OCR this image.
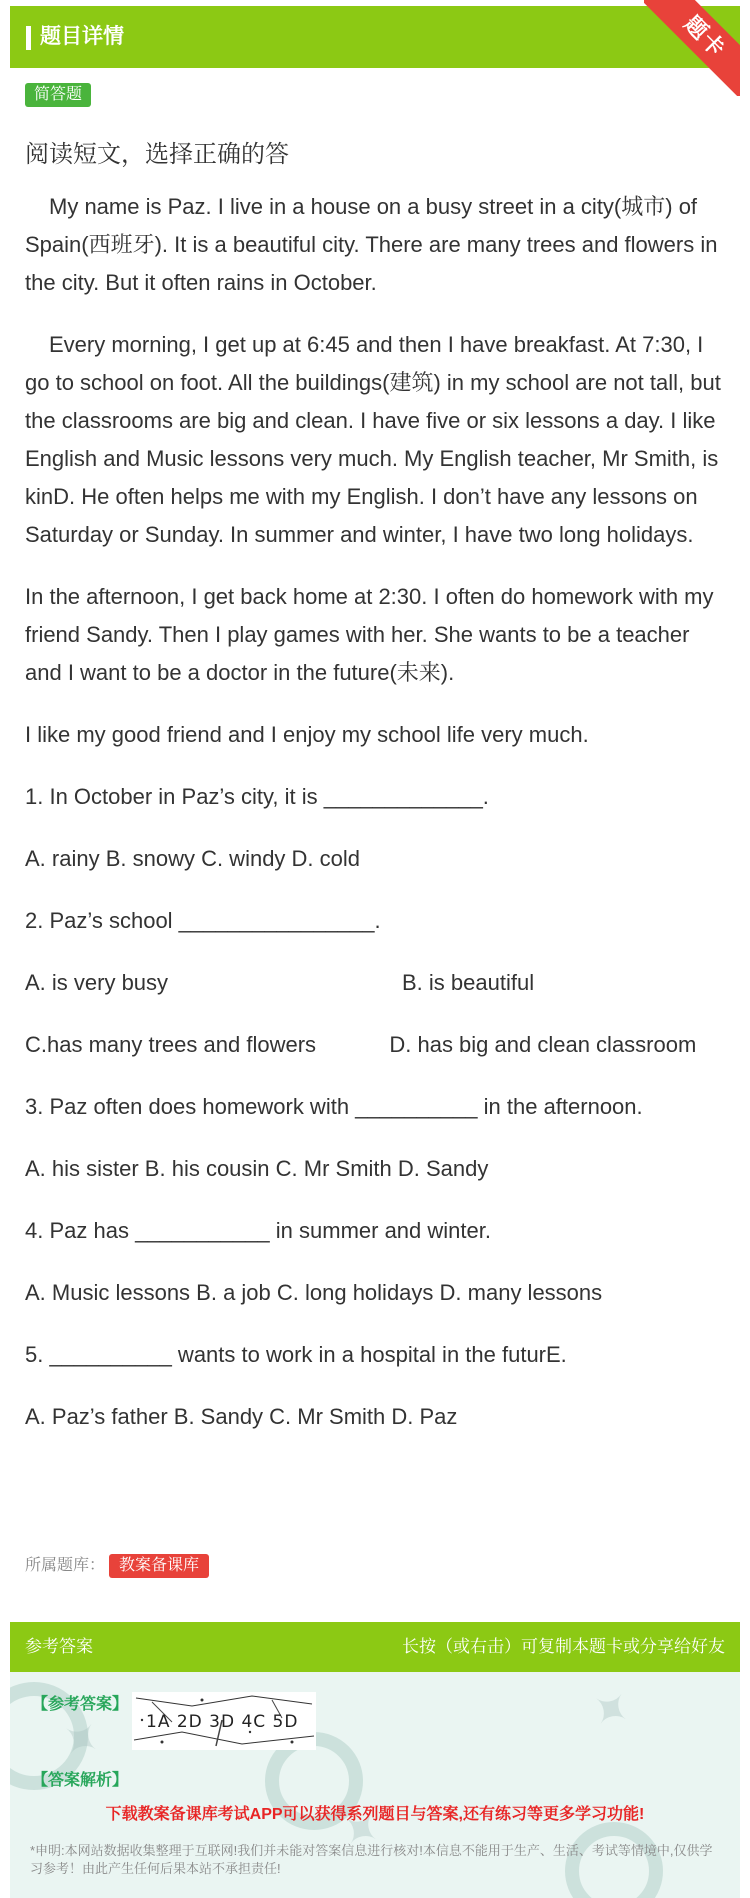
题目详情	题卡
简答题
阅读短文，选择正确的答

My name is Paz. I live in a house on a busy street in a city(城市) of Spain(西班牙). It is a beautiful city. There are many trees and flowers in the city. But it often rains in October.

Every morning, I get up at 6:45 and then I have breakfast. At 7:30, I go to school on foot. All the buildings(建筑) in my school are not tall, but the classrooms are big and clean. I have five or six lessons a day. I like English and Music lessons very much. My English teacher, Mr Smith, is kinD. He often helps me with my English. I don’t have any lessons on Saturday or Sunday. In summer and winter, I have two long holidays.

In the afternoon, I get back home at 2:30. I often do homework with my friend Sandy. Then I play games with her. She wants to be a teacher and I want to be a doctor in the future(未来).

I like my good friend and I enjoy my school life very much.

1. In October in Paz’s city, it is _____________.

A. rainy B. snowy C. windy D. cold

2. Paz’s school ________________.

A. is very busy	B. is beautiful

C.has many trees and flowers            D. has big and clean classroom

3. Paz often does homework with __________ in the afternoon.

A. his sister B. his cousin C. Mr Smith D. Sandy

4. Paz has ___________ in summer and winter.

A. Music lessons B. a job C. long holidays D. many lessons

5. __________ wants to work in a hospital in the futurE.

A. Paz’s father B. Sandy C. Mr Smith D. Paz

所属题库： 教案备课库
参考答案	长按（或右击）可复制本题卡或分享给好友
✦	✦
✦
【参考答案】
1A 2D 3D 4C 5D
【答案解析】
下载教案备课库考试APP可以获得系列题目与答案,还有练习等更多学习功能!
*申明:本网站数据收集整理于互联网!我们并未能对答案信息进行核对!本信息不能用于生产、生活、考试等情境中,仅供学习参考！由此产生任何后果本站不承担责任!
